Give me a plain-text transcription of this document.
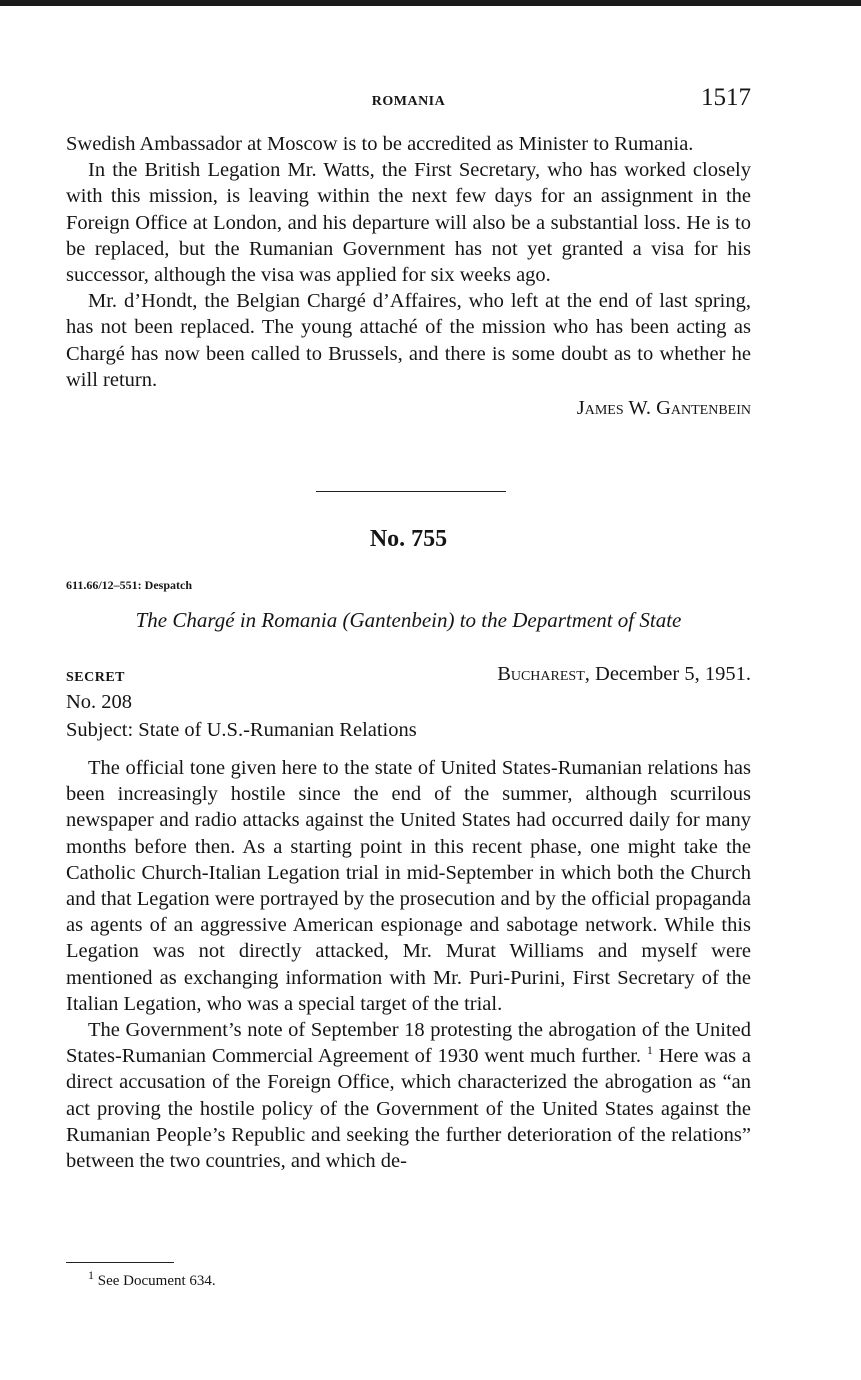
ROMANIA	1517

Swedish Ambassador at Moscow is to be accredited as Minister to Rumania.

In the British Legation Mr. Watts, the First Secretary, who has worked closely with this mission, is leaving within the next few days for an assignment in the Foreign Office at London, and his departure will also be a substantial loss. He is to be replaced, but the Rumanian Government has not yet granted a visa for his successor, although the visa was applied for six weeks ago.

Mr. d’Hondt, the Belgian Chargé d’Affaires, who left at the end of last spring, has not been replaced. The young attaché of the mission who has been acting as Chargé has now been called to Brussels, and there is some doubt as to whether he will return.

James W. Gantenbein
No. 755
611.66/12–551: Despatch
The Chargé in Romania (Gantenbein) to the Department of State
SECRET	Bucharest, December 5, 1951.
No. 208
Subject: State of U.S.-Rumanian Relations

The official tone given here to the state of United States-Rumanian relations has been increasingly hostile since the end of the summer, although scurrilous newspaper and radio attacks against the United States had occurred daily for many months before then. As a starting point in this recent phase, one might take the Catholic Church-Italian Legation trial in mid-September in which both the Church and that Legation were portrayed by the prosecution and by the official propaganda as agents of an aggressive American espionage and sabotage network. While this Legation was not directly attacked, Mr. Murat Williams and myself were mentioned as exchanging information with Mr. Puri-Purini, First Secretary of the Italian Legation, who was a special target of the trial.

The Government’s note of September 18 protesting the abrogation of the United States-Rumanian Commercial Agreement of 1930 went much further. $^1$ Here was a direct accusation of the Foreign Office, which characterized the abrogation as “an act proving the hostile policy of the Government of the United States against the Rumanian People’s Republic and seeking the further deterioration of the relations” between the two countries, and which de-

$^1$ See Document 634.
